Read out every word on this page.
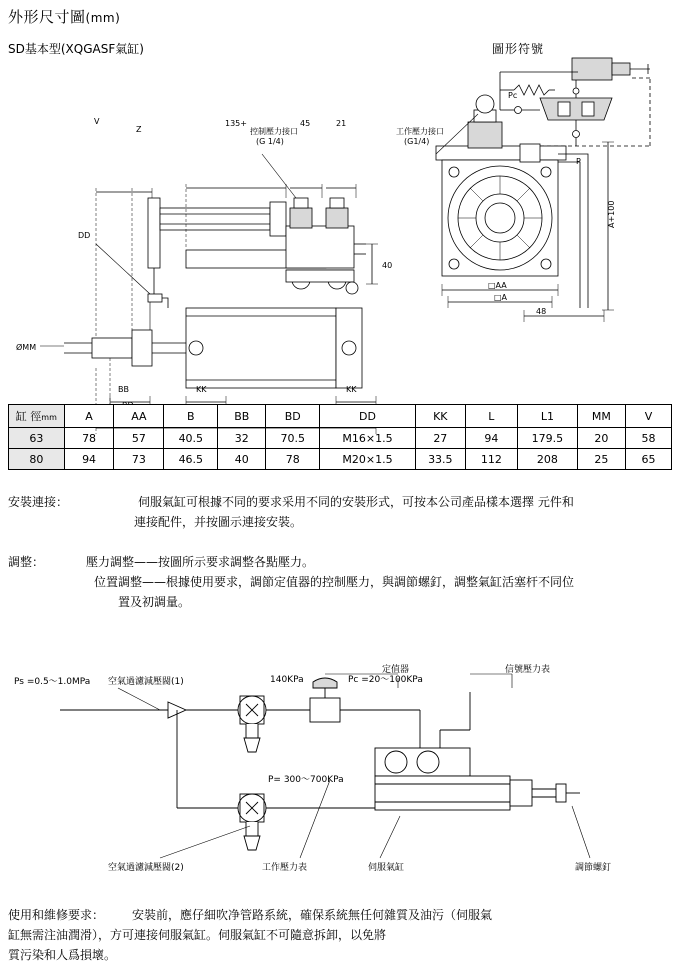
外形尺寸圖(mm)
SD基本型(XQGASF氣缸)	圖形符號
控制壓力接口
(G 1/4)
工作壓力接口
(G1/4)
135+	45	21
V
Z
DD
ØMM
BB	KK	KK
40
□AA
□A
48
A+100
Pc
P
缸 徑mm	A	AA	B	BB	BD	DD	KK	L	L1	MM	V
63	78	57	40.5	32	70.5	M16×1.5	27	94	179.5	20	58
80	94	73	46.5	40	78	M20×1.5	33.5	112	208	25	65
安裝連接：	伺服氣缸可根據不同的要求采用不同的安裝形式，可按本公司產品樣本選擇 元件和
連接配件，并按圖示連接安裝。
調整：	壓力調整——按圖所示要求調整各點壓力。
位置調整——根據使用要求，調節定值器的控制壓力，與調節螺釘，調整氣缸活塞杆不同位
置及初調量。
空氣過濾減壓閥(1)
空氣過濾減壓閥(2)
定值器	信號壓力表
工作壓力表	伺服氣缸	調節螺釘
Ps =0.5～1.0MPa	140KPa	Pc =20～100KPa
P= 300～700KPa
使用和維修要求： 安裝前，應仔細吹净管路系統，確保系統無任何雜質及油污（伺服氣
缸無需注油潤滑），方可連接伺服氣缸。伺服氣缸不可隨意拆卸，以免將
質污染和人爲損壞。
